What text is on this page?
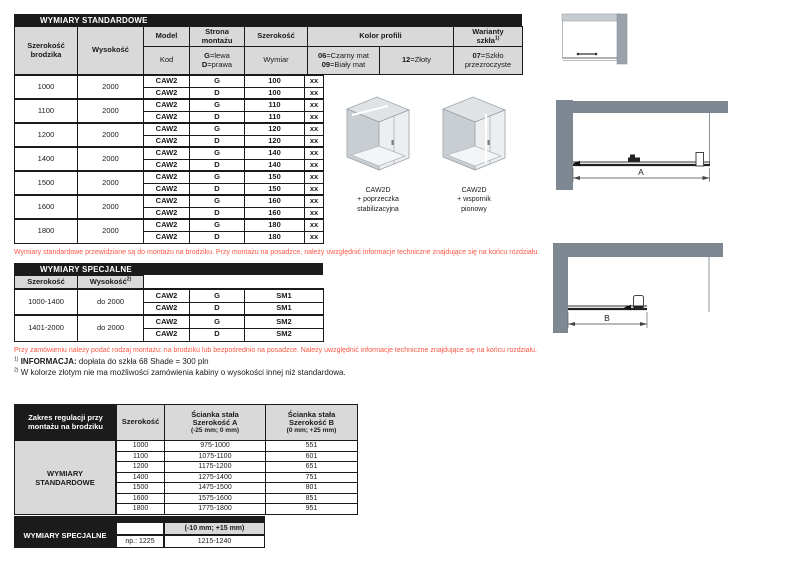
WYMIARY STANDARDOWE
Szerokość brodzika	Wysokość	Model	Strona montażu	Szerokość	Kolor profili		Warianty
szkła$^{1)}$
Kod	G=lewa
D=prawa	Wymiar	06=Czarny mat
09=Biały mat	12=Złoty	07=Szkło
przezroczyste
1000	2000	CAW2	G	100	xx
		CAW2	D	100	xx
1100	2000	CAW2	G	110	xx
		CAW2	D	110	xx
1200	2000	CAW2	G	120	xx
		CAW2	D	120	xx
1400	2000	CAW2	G	140	xx
		CAW2	D	140	xx
1500	2000	CAW2	G	150	xx
		CAW2	D	150	xx
1600	2000	CAW2	G	160	xx
		CAW2	D	160	xx
1800	2000	CAW2	G	180	xx
		CAW2	D	180	xx
Wymiary standardowe przewidziane są do montażu na brodziku. Przy montażu na posadzce, należy uwzględnić informacje techniczne znajdujące się na końcu rozdziału.
WYMIARY SPECJALNE
Szerokość	Wysokość$^{2)}$
1000-1400	do 2000	CAW2	G	SM1
		CAW2	D	SM1
1401-2000	do 2000	CAW2	G	SM2
		CAW2	D	SM2
Przy zamówieniu należy podać rodzaj montażu: na brodziku lub bezpośrednio na posadzce. Należy uwzględnić informacje techniczne znajdujące się na końcu rozdziału.
$^{1)}$ INFORMACJA: dopłata do szkła 68 Shade = 300 pln
$^{2)}$ W kolorze złotym nie ma możliwości zamówienia kabiny o wysokości innej niż standardowa.
Zakres regulacji przy
montażu na brodziku	Szerokość	
Ścianka stała
Szerokość A
(-25 mm; 0 mm)

Ścianka stała
Szerokość B
(0 mm; +25 mm)
WYMIARY
STANDARDOWE
1000	975-1000	551
1100	1075-1100	601
1200	1175-1200	651
1400	1275-1400	751
1500	1475-1500	801
1600	1575-1600	851
1800	1775-1800	951
WYMIARY SPECJALNE
(-10 mm; +15 mm)
np.: 1225	1215-1240
CAW2D
+ poprzeczka
stabilizacyjna
CAW2D
+ wspornik
pionowy
A
B
